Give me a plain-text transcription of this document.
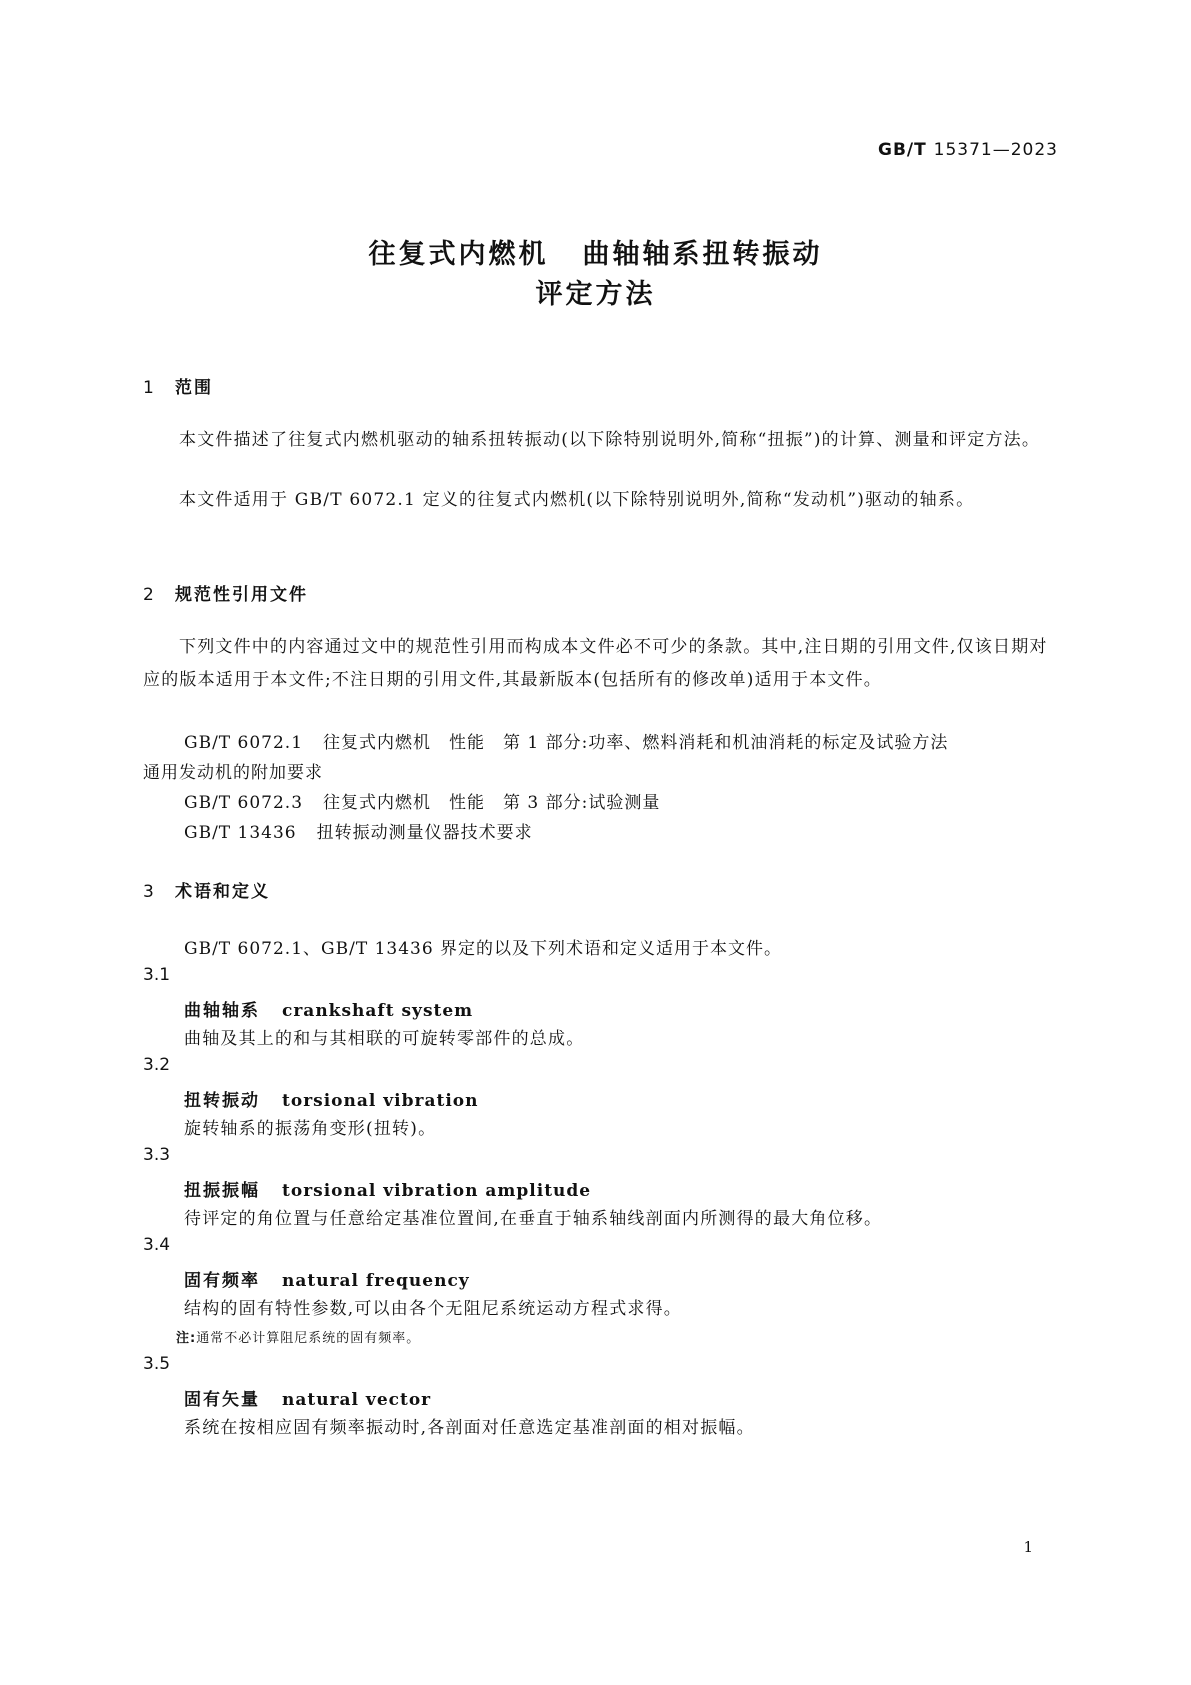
GB/T 15371—2023
往复式内燃机 曲轴轴系扭转振动
评定方法
1 范围
本文件描述了往复式内燃机驱动的轴系扭转振动(以下除特别说明外,简称“扭振”)的计算、测量和评定方法。
本文件适用于 GB/T 6072.1 定义的往复式内燃机(以下除特别说明外,简称“发动机”)驱动的轴系。
2 规范性引用文件
下列文件中的内容通过文中的规范性引用而构成本文件必不可少的条款。其中,注日期的引用文件,仅该日期对应的版本适用于本文件;不注日期的引用文件,其最新版本(包括所有的修改单)适用于本文件。
GB/T 6072.1 往复式内燃机　性能　第 1 部分:功率、燃料消耗和机油消耗的标定及试验方法
通用发动机的附加要求
GB/T 6072.3 往复式内燃机　性能　第 3 部分:试验测量
GB/T 13436 扭转振动测量仪器技术要求
3 术语和定义
GB/T 6072.1、GB/T 13436 界定的以及下列术语和定义适用于本文件。
3.1
曲轴轴系 crankshaft system
曲轴及其上的和与其相联的可旋转零部件的总成。
3.2
扭转振动 torsional vibration
旋转轴系的振荡角变形(扭转)。
3.3
扭振振幅 torsional vibration amplitude
待评定的角位置与任意给定基准位置间,在垂直于轴系轴线剖面内所测得的最大角位移。
3.4
固有频率 natural frequency
结构的固有特性参数,可以由各个无阻尼系统运动方程式求得。
注:通常不必计算阻尼系统的固有频率。
3.5
固有矢量 natural vector
系统在按相应固有频率振动时,各剖面对任意选定基准剖面的相对振幅。
1
